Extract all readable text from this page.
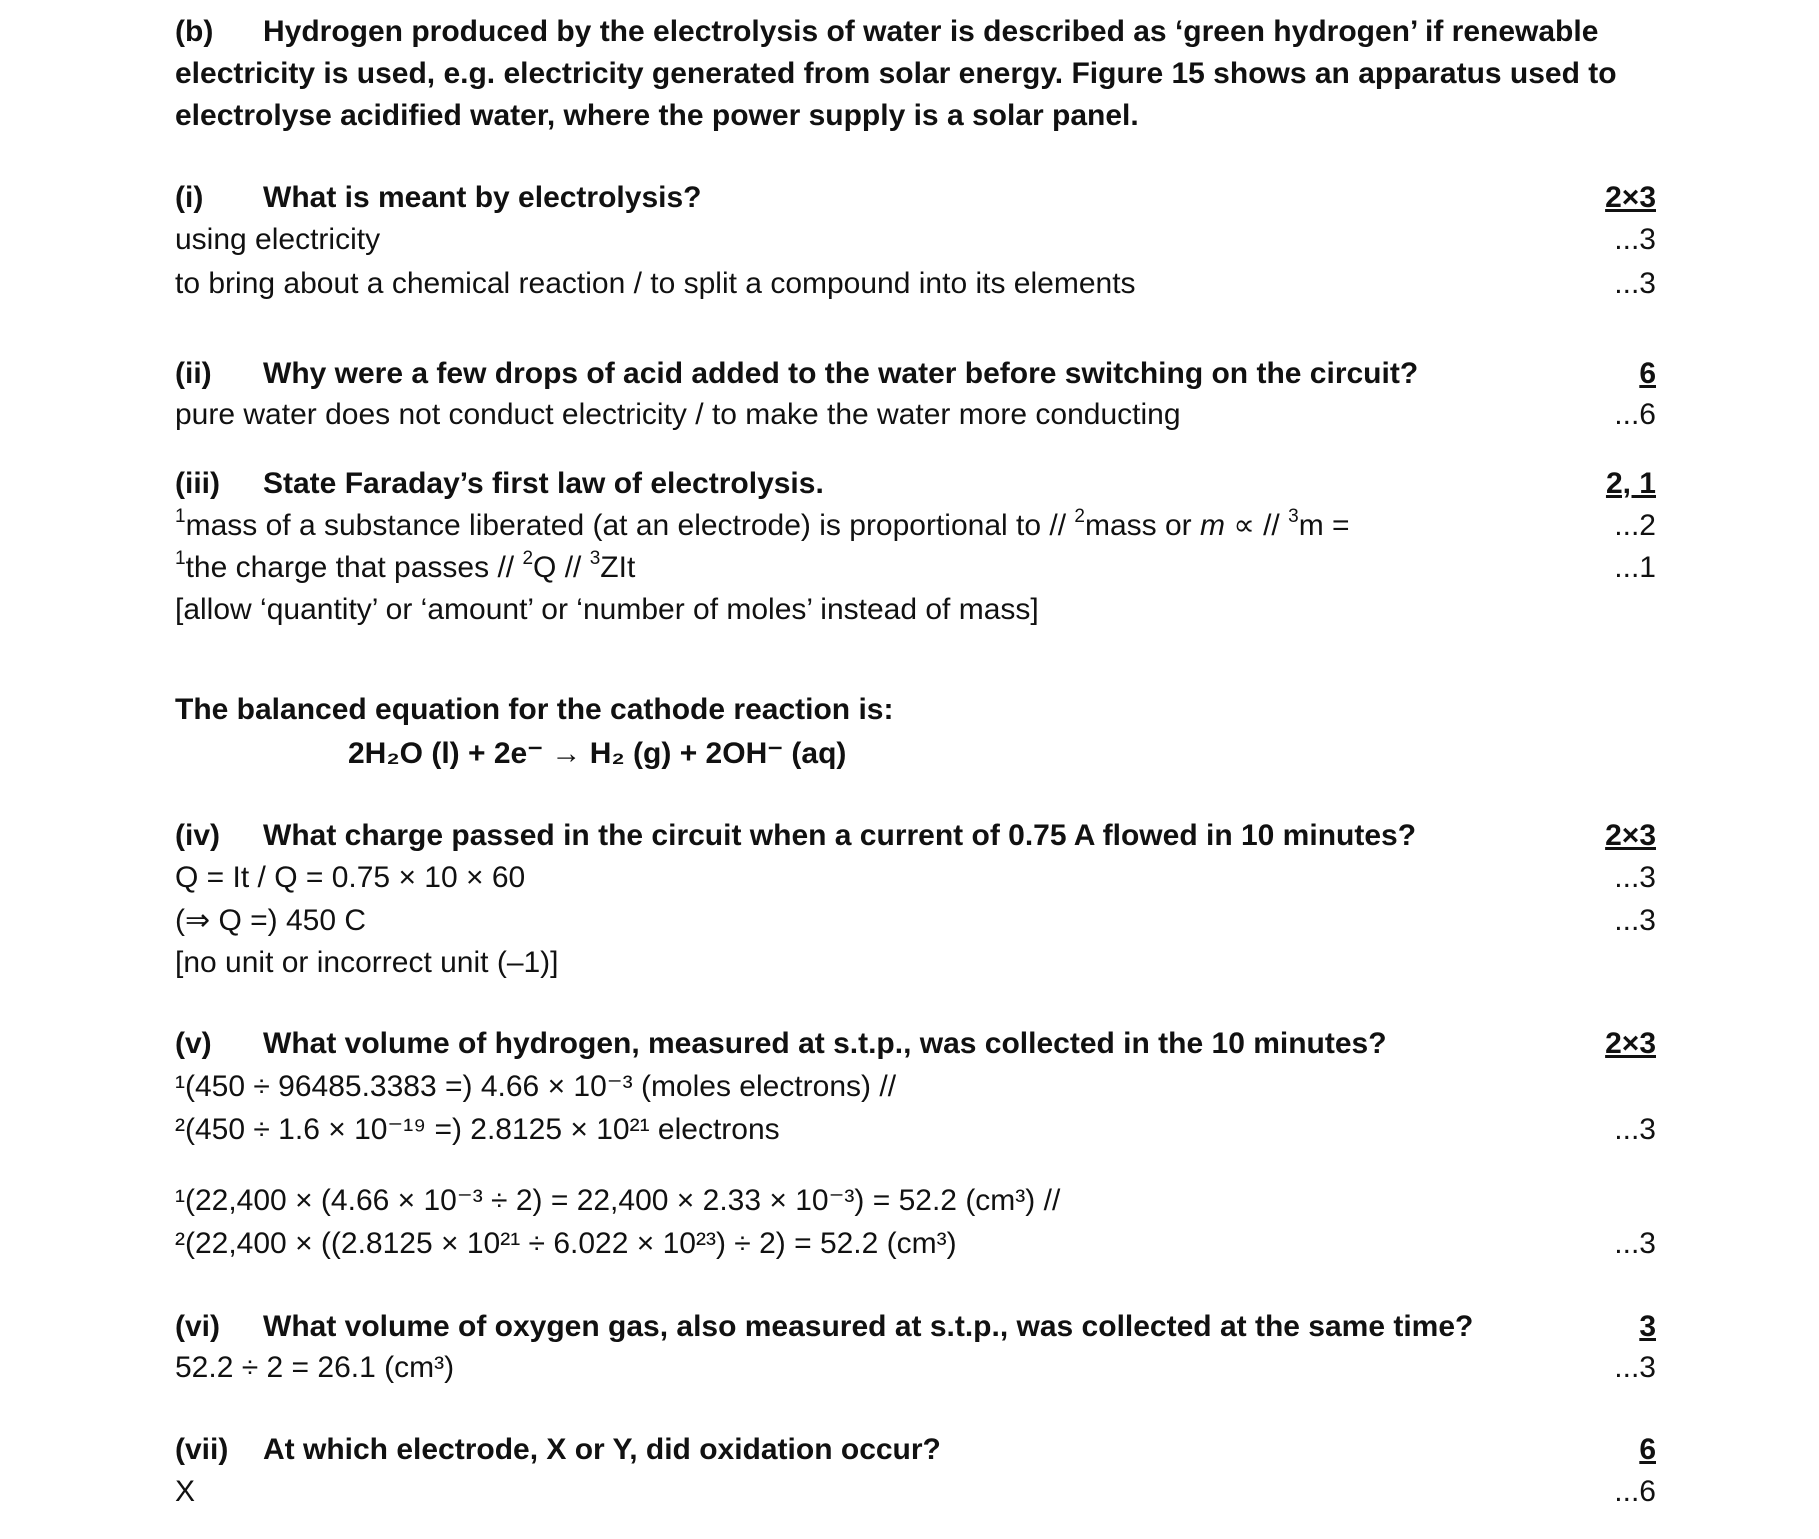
(b) Hydrogen produced by the electrolysis of water is described as ‘green hydrogen’ if renewable
electricity is used, e.g. electricity generated from solar energy. Figure 15 shows an apparatus used to
electrolyse acidified water, where the power supply is a solar panel.
(i) What is meant by electrolysis?	2×3
using electricity	...3
to bring about a chemical reaction / to split a compound into its elements	...3
(ii) Why were a few drops of acid added to the water before switching on the circuit?	6
pure water does not conduct electricity / to make the water more conducting	...6
(iii) State Faraday’s first law of electrolysis.	2, 1
$^1$mass of a substance liberated (at an electrode) is proportional to // $^2$mass or m ∝ // $^3$m =	...2
$^1$the charge that passes // $^2$Q // $^3$ZIt	...1
[allow ‘quantity’ or ‘amount’ or ‘number of moles’ instead of mass]
The balanced equation for the cathode reaction is:
2H₂O (l) + 2e⁻ → H₂ (g) + 2OH⁻ (aq)
(iv) What charge passed in the circuit when a current of 0.75 A flowed in 10 minutes?	2×3
Q = It / Q = 0.75 × 10 × 60	...3
(⇒ Q =) 450 C	...3
[no unit or incorrect unit (–1)]
(v) What volume of hydrogen, measured at s.t.p., was collected in the 10 minutes?	2×3
¹(450 ÷ 96485.3383 =) 4.66 × 10⁻³ (moles electrons) //
²(450 ÷ 1.6 × 10⁻¹⁹ =) 2.8125 × 10²¹ electrons	...3
¹(22,400 × (4.66 × 10⁻³ ÷ 2) = 22,400 × 2.33 × 10⁻³) = 52.2 (cm³) //
²(22,400 × ((2.8125 × 10²¹ ÷ 6.022 × 10²³) ÷ 2) = 52.2 (cm³)	...3
(vi) What volume of oxygen gas, also measured at s.t.p., was collected at the same time?	3
52.2 ÷ 2 = 26.1 (cm³)	...3
(vii) At which electrode, X or Y, did oxidation occur?	6
X	...6
